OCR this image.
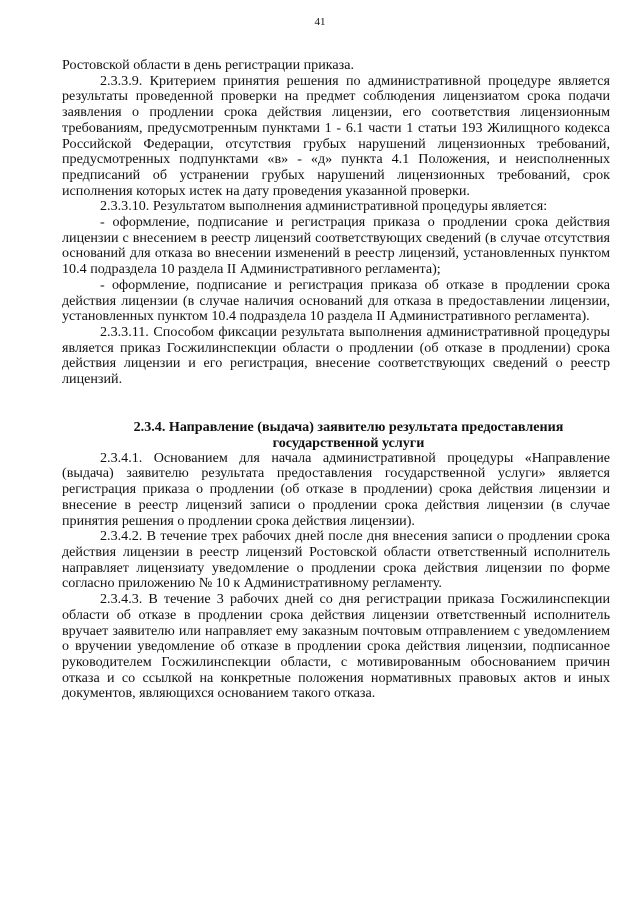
41

Ростовской области в день регистрации приказа.

2.3.3.9. Критерием принятия решения по административной процедуре является результаты проведенной проверки на предмет соблюдения лицензиатом срока подачи заявления о продлении срока действия лицензии, его соответствия лицензионным требованиям, предусмотренным пунктами 1 - 6.1 части 1 статьи 193 Жилищного кодекса Российской Федерации, отсутствия грубых нарушений лицензионных требований, предусмотренных подпунктами «в» - «д» пункта 4.1 Положения, и неисполненных предписаний об устранении грубых нарушений лицензионных требований, срок исполнения которых истек на дату проведения указанной проверки.

2.3.3.10. Результатом выполнения административной процедуры является:

- оформление, подписание и регистрация приказа о продлении срока действия лицензии с внесением в реестр лицензий соответствующих сведений (в случае отсутствия оснований для отказа во внесении изменений в реестр лицензий, установленных пунктом 10.4 подраздела 10 раздела II Административного регламента);

- оформление, подписание и регистрация приказа об отказе в продлении срока действия лицензии (в случае наличия оснований для отказа в предоставлении лицензии, установленных пунктом 10.4 подраздела 10 раздела II Административного регламента).

2.3.3.11. Способом фиксации результата выполнения административной процедуры является приказ Госжилинспекции области о продлении (об отказе в продлении) срока действия лицензии и его регистрация, внесение соответствующих сведений о реестр лицензий.

2.3.4. Направление (выдача) заявителю результата предоставления
государственной услуги

2.3.4.1. Основанием для начала административной процедуры «Направление (выдача) заявителю результата предоставления государственной услуги» является регистрация приказа о продлении (об отказе в продлении) срока действия лицензии и внесение в реестр лицензий записи о продлении срока действия лицензии (в случае принятия решения о продлении срока действия лицензии).

2.3.4.2. В течение трех рабочих дней после дня внесения записи о продлении срока действия лицензии в реестр лицензий Ростовской области ответственный исполнитель направляет лицензиату уведомление о продлении срока действия лицензии по форме согласно приложению № 10 к Административному регламенту.

2.3.4.3. В течение 3 рабочих дней со дня регистрации приказа Госжилинспекции области об отказе в продлении срока действия лицензии ответственный исполнитель вручает заявителю или направляет ему заказным почтовым отправлением с уведомлением о вручении уведомление об отказе в продлении срока действия лицензии, подписанное руководителем Госжилинспекции области, с мотивированным обоснованием причин отказа и со ссылкой на конкретные положения нормативных правовых актов и иных документов, являющихся основанием такого отказа.
